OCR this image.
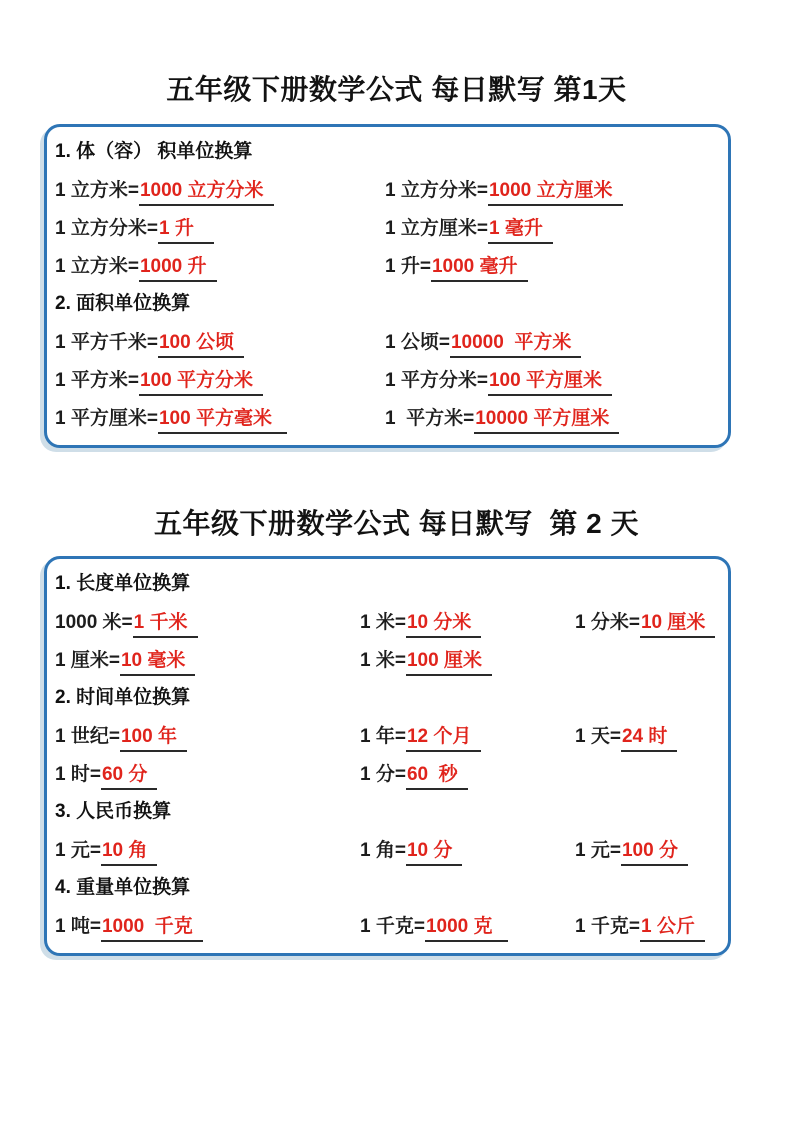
五年级下册数学公式 每日默写 第1天
1. 体（容） 积单位换算
1 立方米=1000 立方分米	1 立方分米=1000 立方厘米
1 立方分米=1 升	1 立方厘米=1 毫升
1 立方米=1000 升	1 升=1000 毫升
2. 面积单位换算
1 平方千米=100 公顷	1 公顷=10000  平方米
1 平方米=100 平方分米	1 平方分米=100 平方厘米
1 平方厘米=100 平方毫米	1  平方米=10000 平方厘米
五年级下册数学公式 每日默写  第 2 天
1. 长度单位换算
1000 米=1 千米	1 米=10 分米	1 分米=10 厘米
1 厘米=10 毫米	1 米=100 厘米
2. 时间单位换算
1 世纪=100 年	1 年=12 个月	1 天=24 时
1 时=60 分	1 分=60  秒
3. 人民币换算
1 元=10 角	1 角=10 分	1 元=100 分
4. 重量单位换算
1 吨=1000  千克	1 千克=1000 克	1 千克=1 公斤
